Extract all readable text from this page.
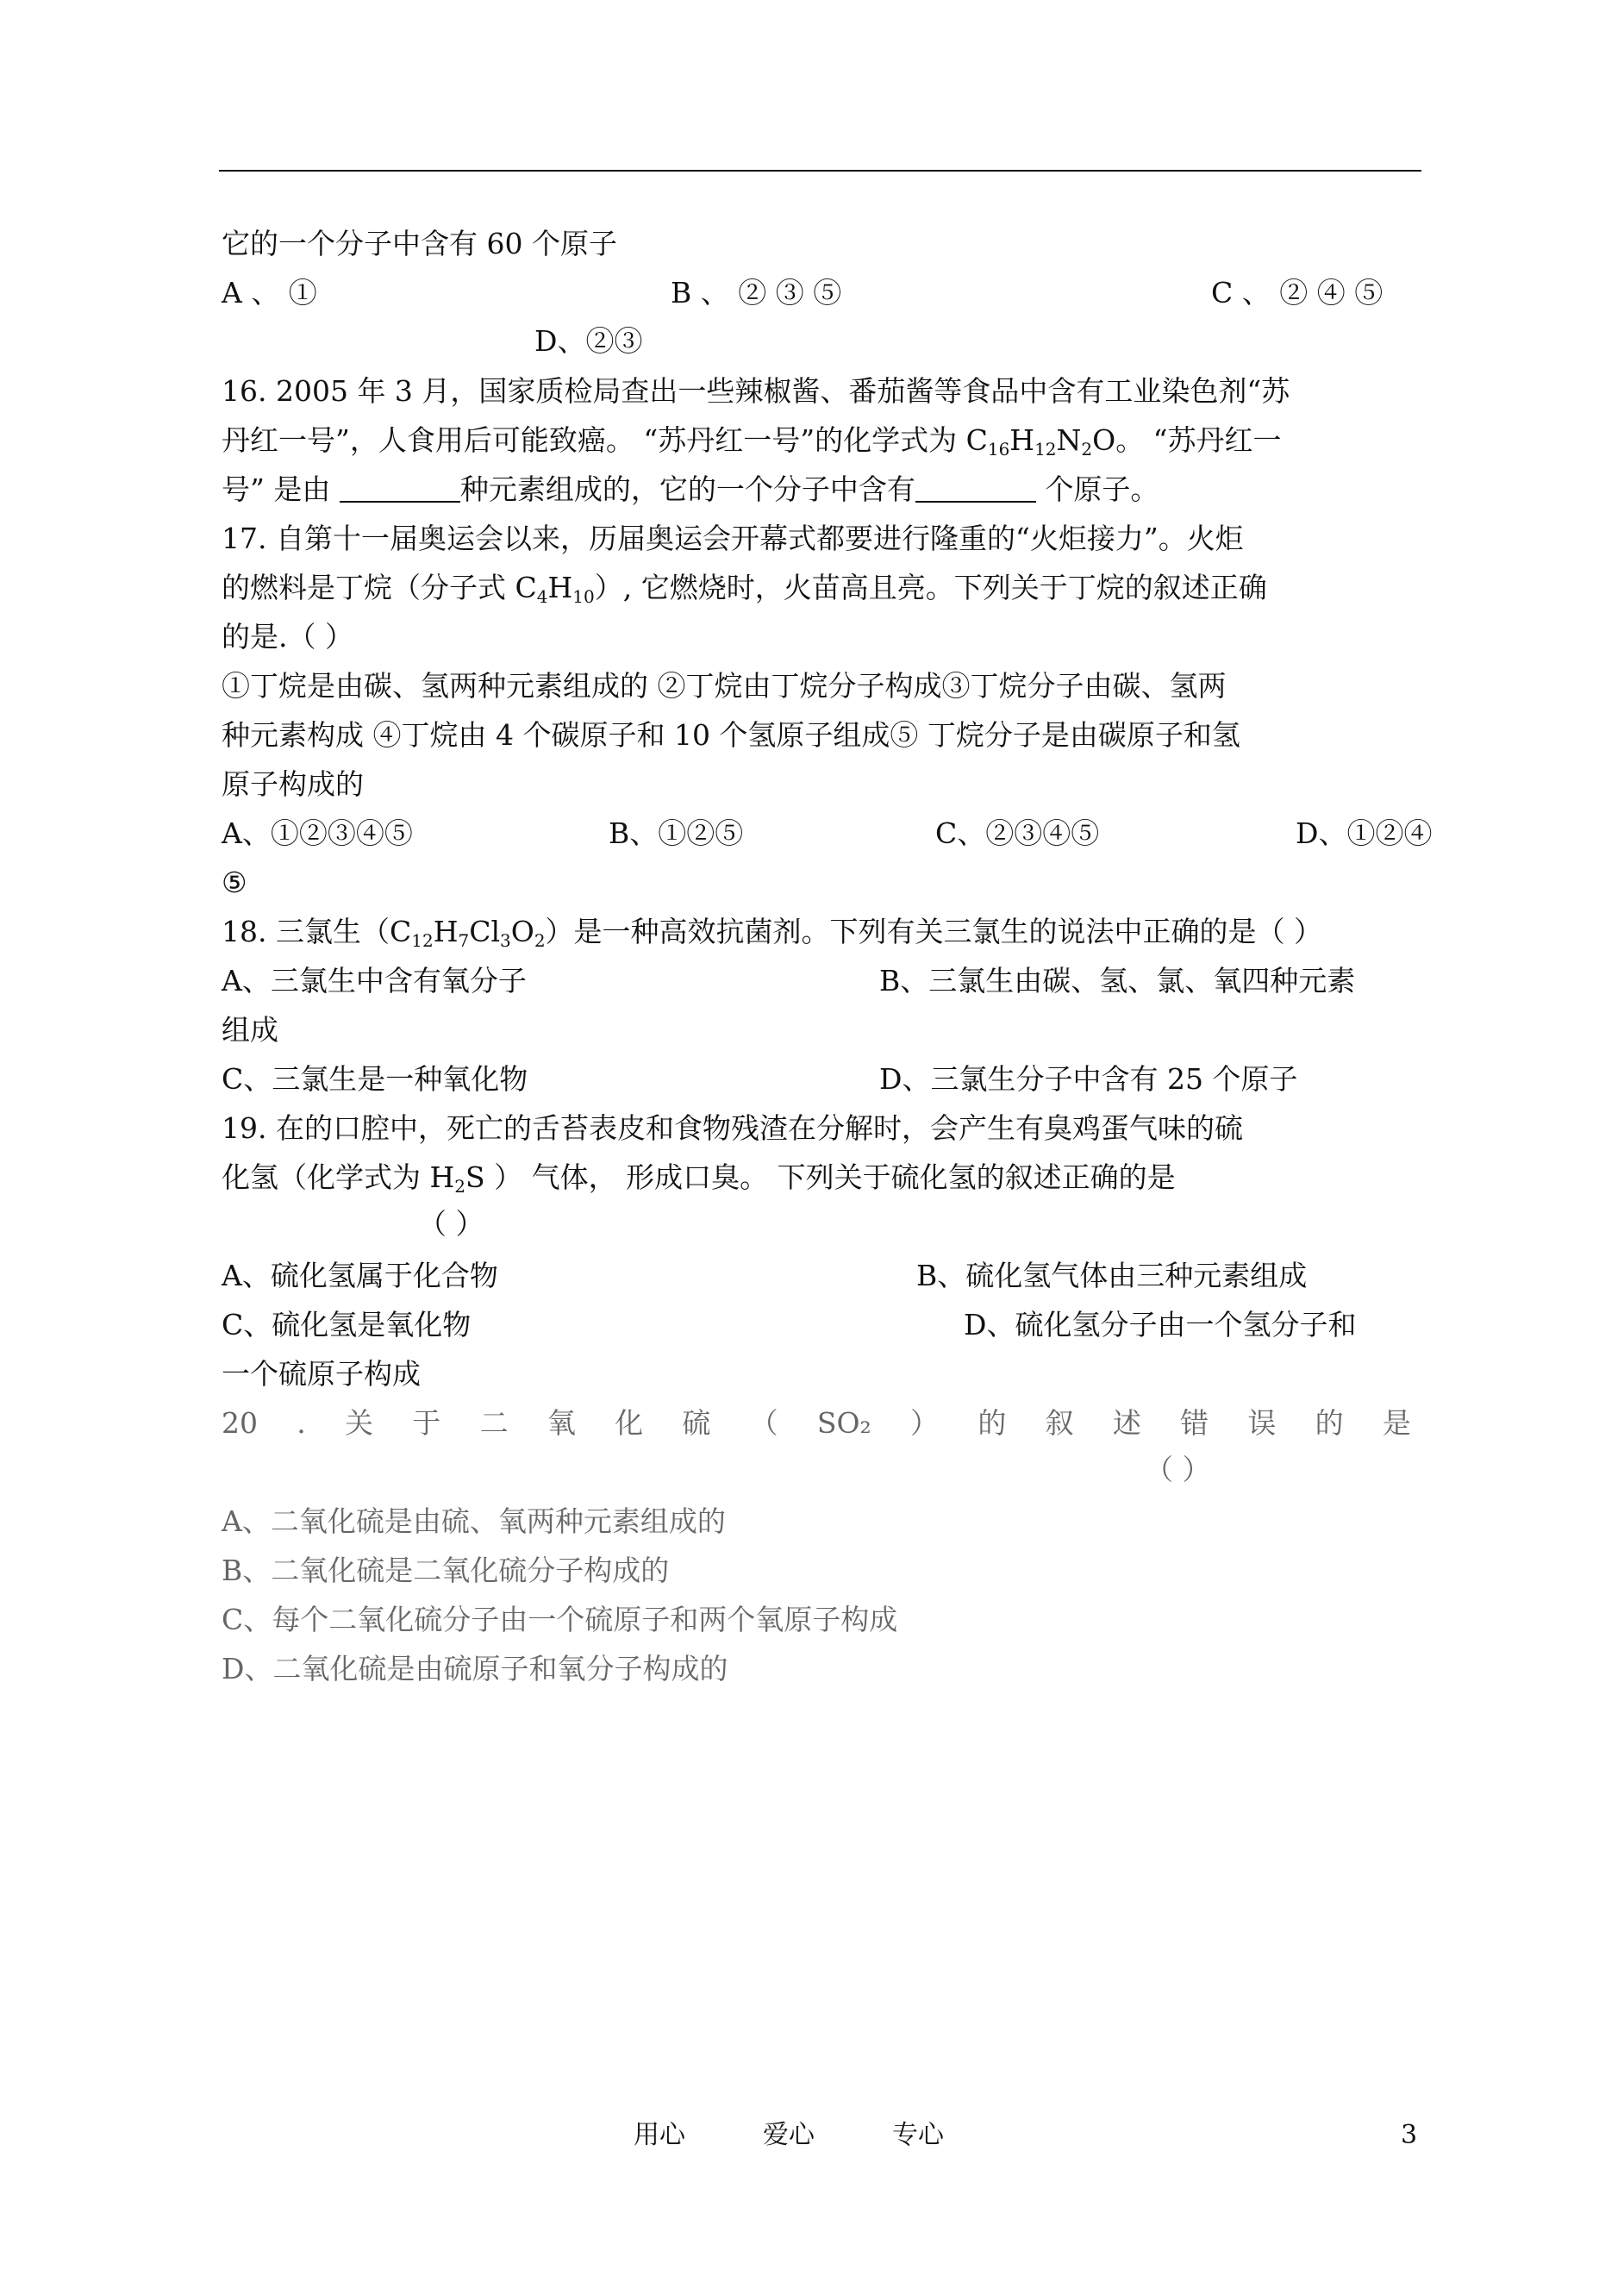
它的一个分子中含有 60 个原子
A 、 ①	B 、 ② ③ ⑤	C 、 ② ④ ⑤
D、②③
16. 2005 年 3 月，国家质检局查出一些辣椒酱、番茄酱等食品中含有工业染色剂“苏
丹红一号”，人食用后可能致癌。 “苏丹红一号”的化学式为 $C_{16}H_{12}N_2O$。 “苏丹红一
号” 是由	种元素组成的，它的一个分子中含有	个原子。
17. 自第十一届奥运会以来，历届奥运会开幕式都要进行隆重的“火炬接力”。火炬
的燃料是丁烷（分子式 $C_4H_{10}$）, 它燃烧时，火苗高且亮。下列关于丁烷的叙述正确
的是.（ ）
①丁烷是由碳、氢两种元素组成的 ②丁烷由丁烷分子构成③丁烷分子由碳、氢两
种元素构成 ④丁烷由 4 个碳原子和 10 个氢原子组成⑤ 丁烷分子是由碳原子和氢
原子构成的
A、①②③④⑤	B、①②⑤	C、②③④⑤	D、①②④
⑤
18. 三氯生$(C_{12}H_7Cl_3O_2)$是一种高效抗菌剂。下列有关三氯生的说法中正确的是（ ）
A、三氯生中含有氧分子	B、三氯生由碳、氢、氯、氧四种元素
组成
C、三氯生是一种氧化物	D、三氯生分子中含有 25 个原子
19. 在的口腔中，死亡的舌苔表皮和食物残渣在分解时，会产生有臭鸡蛋气味的硫
化氢（化学式为 $H_2S$ ） 气体， 形成口臭。 下列关于硫化氢的叙述正确的是
（ ）
A、硫化氢属于化合物	B、硫化氢气体由三种元素组成
C、硫化氢是氧化物	D、硫化氢分子由一个氢分子和
一个硫原子构成
20 . 关 于 二 氧 化 硫 （ SO₂ ） 的 叙 述 错 误 的 是
（ ）
A、二氧化硫是由硫、氧两种元素组成的
B、二氧化硫是二氧化硫分子构成的
C、每个二氧化硫分子由一个硫原子和两个氧原子构成
D、二氧化硫是由硫原子和氧分子构成的
用心	爱心	专心	3
